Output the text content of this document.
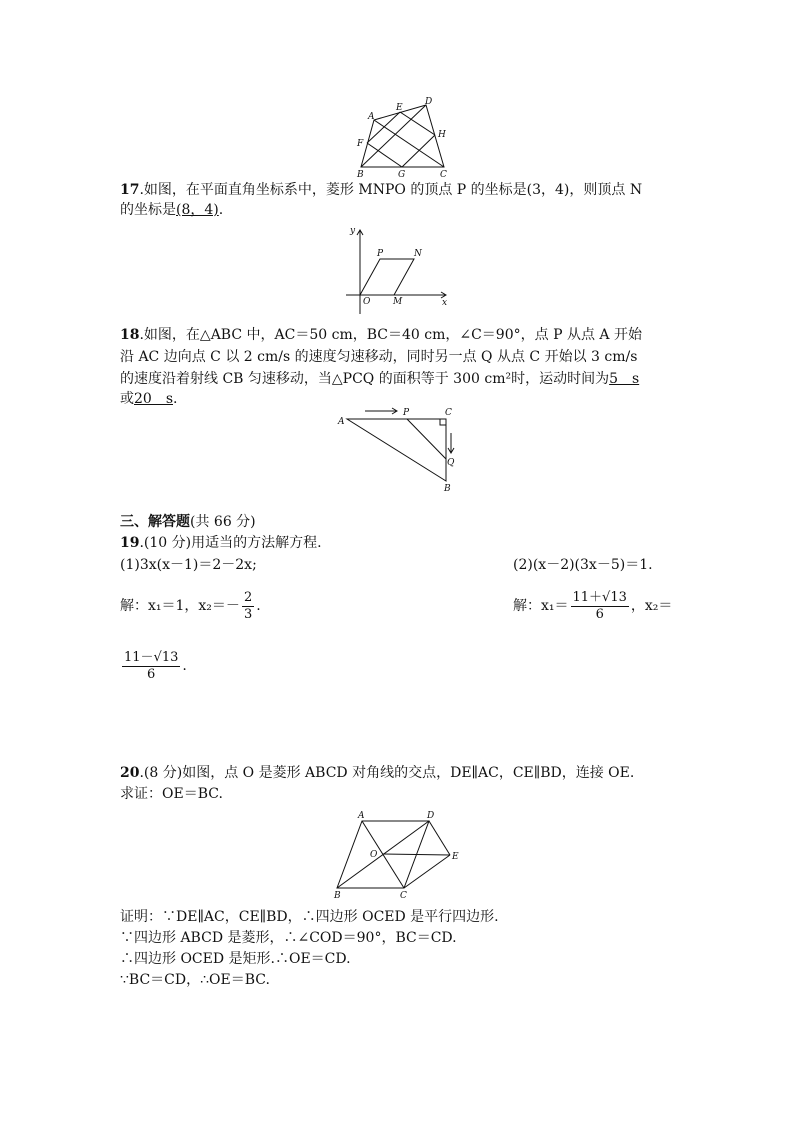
A
E
D
F
H
B	G	C
17.如图，在平面直角坐标系中，菱形 MNPO 的顶点 P 的坐标是(3，4)，则顶点 N
的坐标是(8，4).
y
x
O	M
P	N
18.如图，在△ABC 中，AC＝50 cm，BC＝40 cm，∠C＝90°，点 P 从点 A 开始
沿 AC 边向点 C 以 2 cm/s 的速度匀速移动，同时另一点 Q 从点 C 开始以 3 cm/s
的速度沿着射线 CB 匀速移动，当△PCQ 的面积等于 300 cm²时，运动时间为5　s
或20　s.
A
P	C
Q
B
三、解答题(共 66 分)
19.(10 分)用适当的方法解方程.
(1)3x(x－1)＝2－2x;	(2)(x－2)(3x－5)＝1.
解：x₁＝1，$x_2=- \frac{2}{3}$ .	解：$x_1= \frac{11+√13}{6}$ ，x₂＝
$\frac{11-√13}{6}$ .
20.(8 分)如图，点 O 是菱形 ABCD 对角线的交点，DE∥AC，CE∥BD，连接 OE.
求证：OE＝BC.
A	D
O	E
B	C
证明：∵DE∥AC，CE∥BD，∴四边形 OCED 是平行四边形.
∵四边形 ABCD 是菱形，∴∠COD＝90°，BC＝CD.
∴四边形 OCED 是矩形.∴OE＝CD.
∵BC＝CD，∴OE＝BC.
